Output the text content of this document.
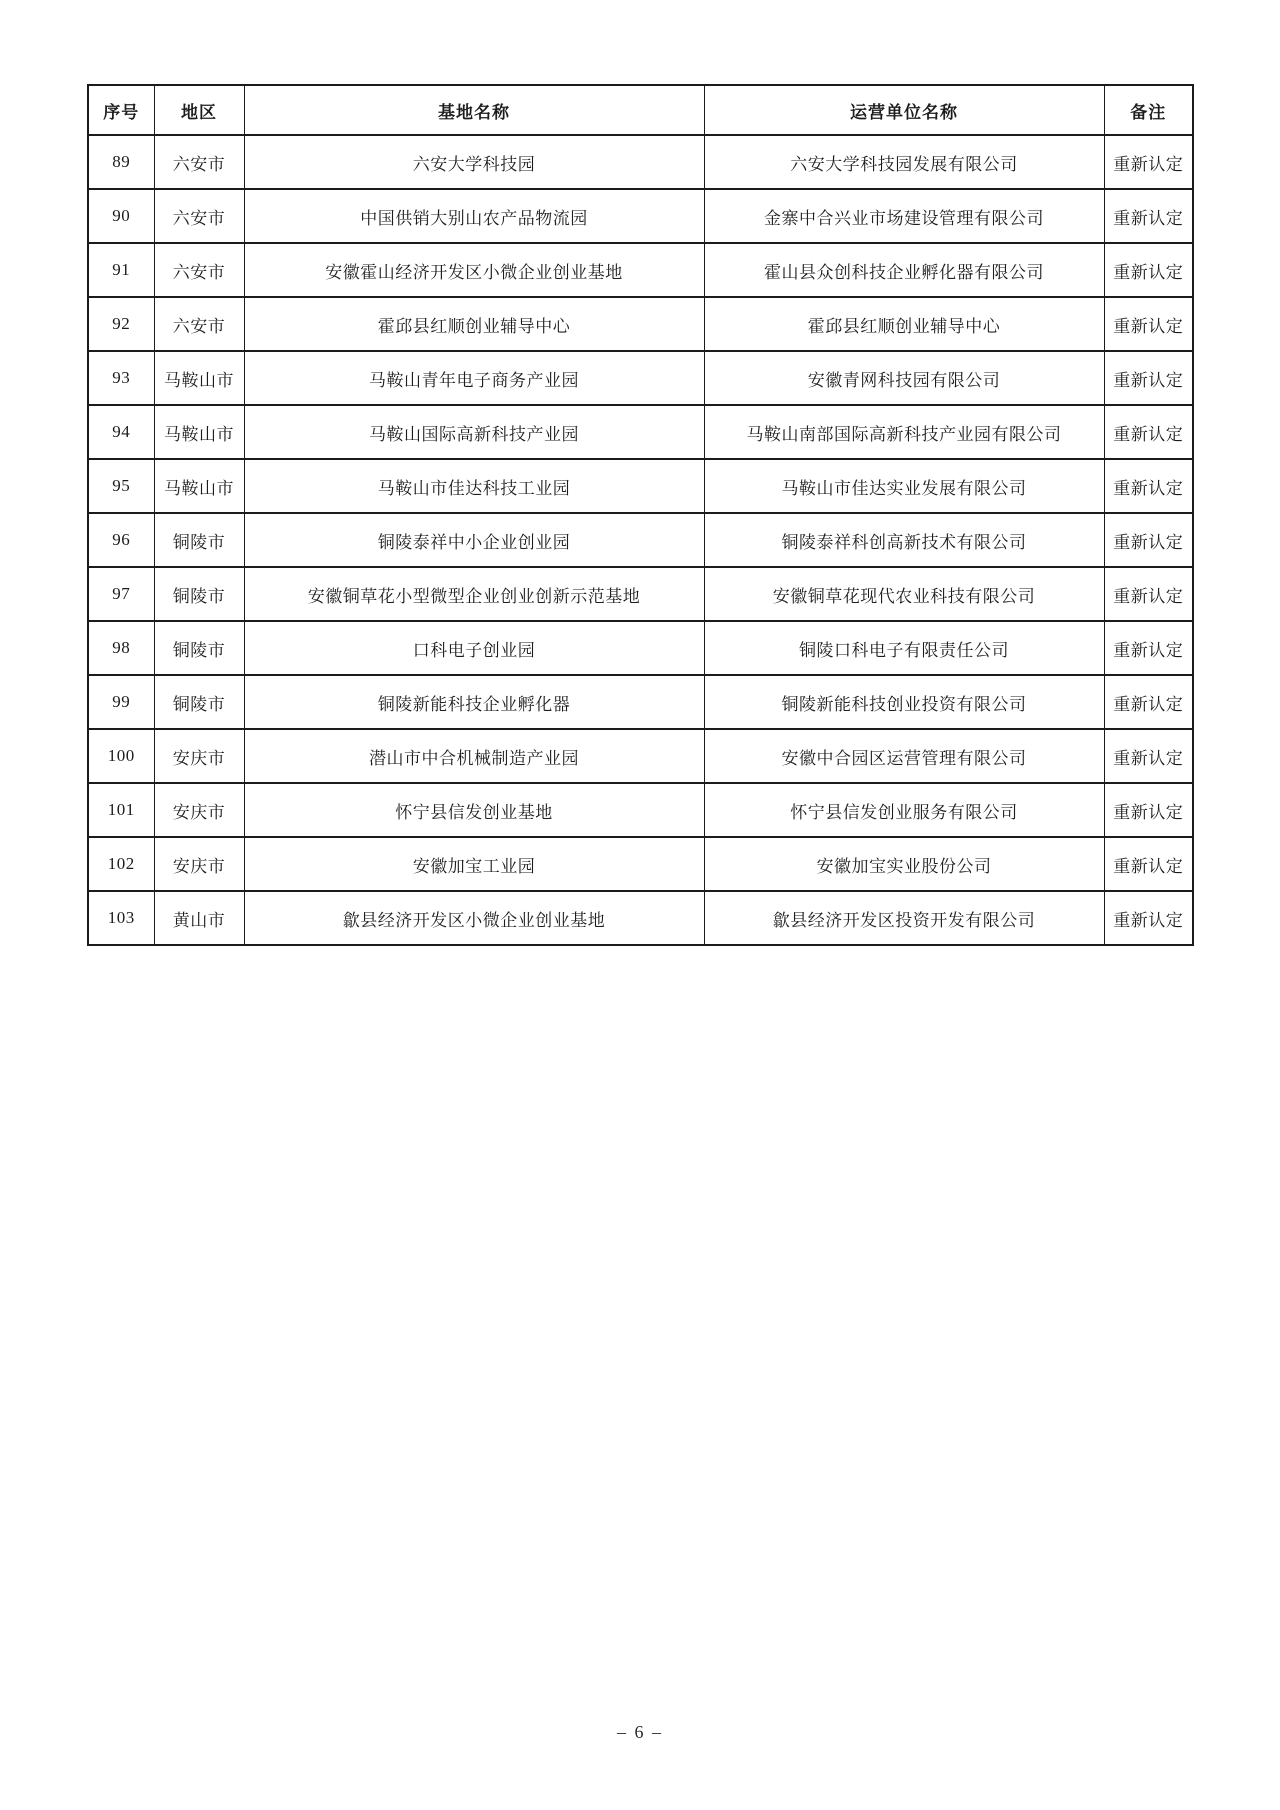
序号	地区	基地名称	运营单位名称	备注
89	六安市	六安大学科技园	六安大学科技园发展有限公司	重新认定
90	六安市	中国供销大别山农产品物流园	金寨中合兴业市场建设管理有限公司	重新认定
91	六安市	安徽霍山经济开发区小微企业创业基地	霍山县众创科技企业孵化器有限公司	重新认定
92	六安市	霍邱县红顺创业辅导中心	霍邱县红顺创业辅导中心	重新认定
93	马鞍山市	马鞍山青年电子商务产业园	安徽青网科技园有限公司	重新认定
94	马鞍山市	马鞍山国际高新科技产业园	马鞍山南部国际高新科技产业园有限公司	重新认定
95	马鞍山市	马鞍山市佳达科技工业园	马鞍山市佳达实业发展有限公司	重新认定
96	铜陵市	铜陵泰祥中小企业创业园	铜陵泰祥科创高新技术有限公司	重新认定
97	铜陵市	安徽铜草花小型微型企业创业创新示范基地	安徽铜草花现代农业科技有限公司	重新认定
98	铜陵市	口科电子创业园	铜陵口科电子有限责任公司	重新认定
99	铜陵市	铜陵新能科技企业孵化器	铜陵新能科技创业投资有限公司	重新认定
100	安庆市	潜山市中合机械制造产业园	安徽中合园区运营管理有限公司	重新认定
101	安庆市	怀宁县信发创业基地	怀宁县信发创业服务有限公司	重新认定
102	安庆市	安徽加宝工业园	安徽加宝实业股份公司	重新认定
103	黄山市	歙县经济开发区小微企业创业基地	歙县经济开发区投资开发有限公司	重新认定
– 6 –
